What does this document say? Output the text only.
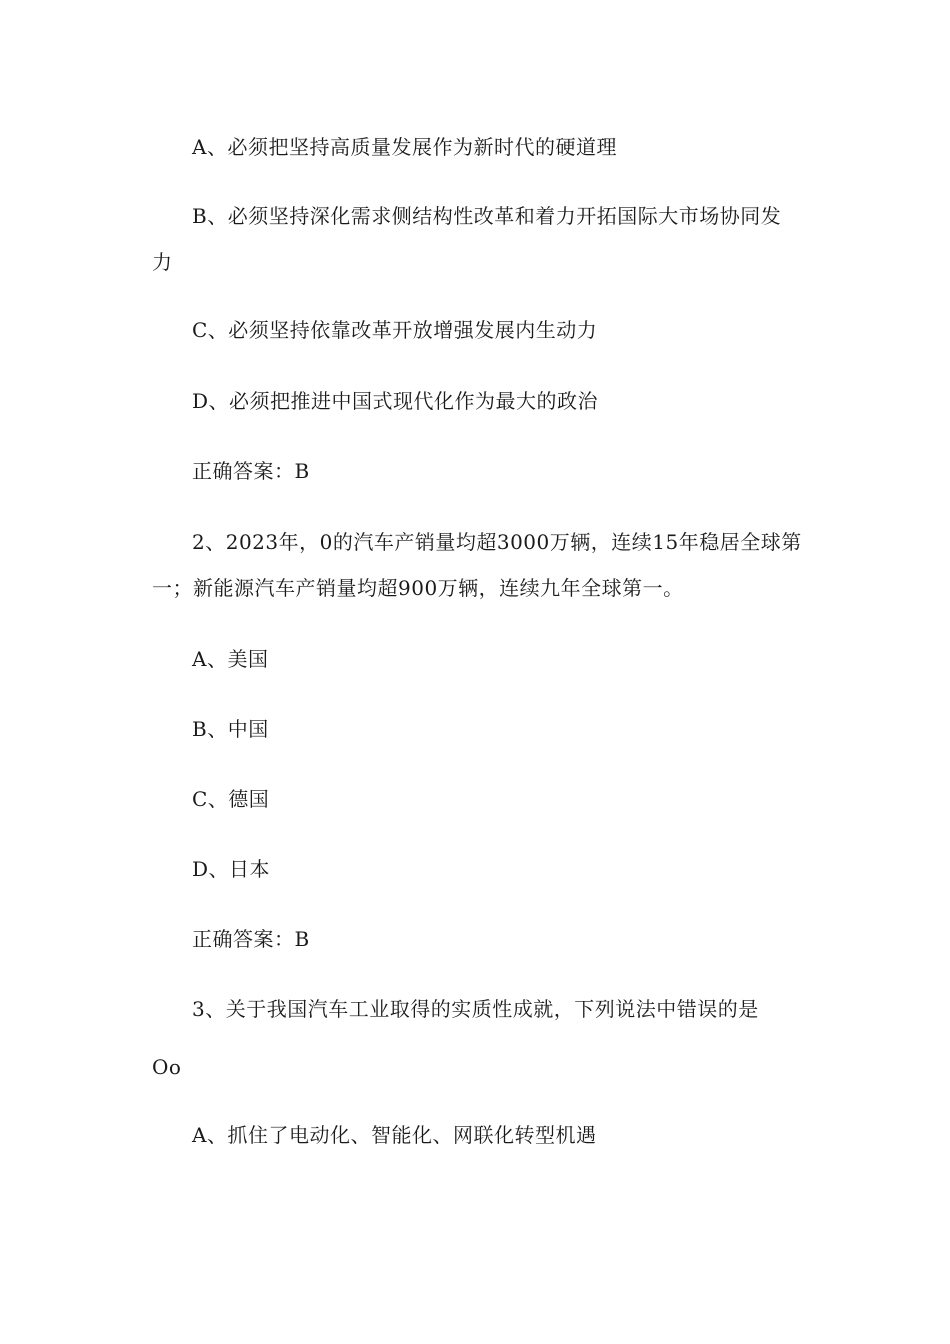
A、必须把坚持高质量发展作为新时代的硬道理
B、必须坚持深化需求侧结构性改革和着力开拓国际大市场协同发
力
C、必须坚持依靠改革开放增强发展内生动力
D、必须把推进中国式现代化作为最大的政治
正确答案：B
2、2023年，0的汽车产销量均超3000万辆，连续15年稳居全球第
一；新能源汽车产销量均超900万辆，连续九年全球第一。
A、美国
B、中国
C、德国
D、日本
正确答案：B
3、关于我国汽车工业取得的实质性成就，下列说法中错误的是
Oo
A、抓住了电动化、智能化、网联化转型机遇
